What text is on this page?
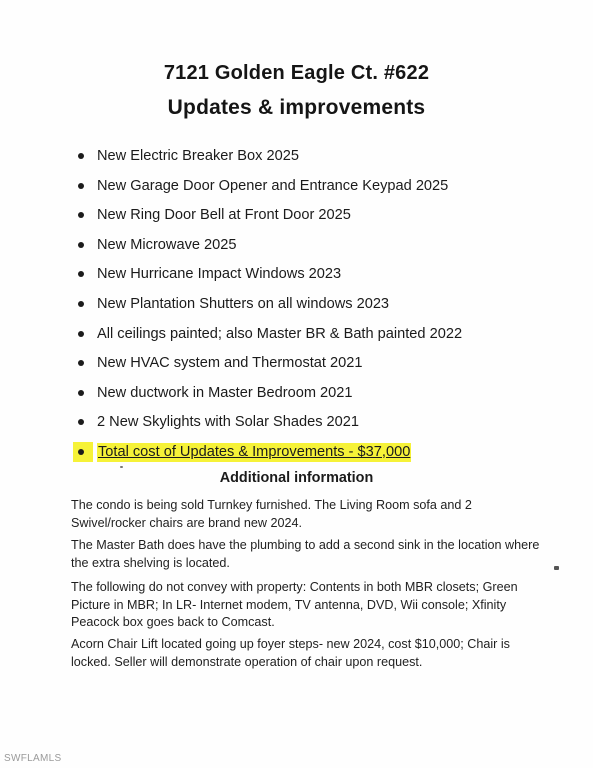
7121 Golden Eagle Ct. #622
Updates & improvements
New Electric Breaker Box 2025
New Garage Door Opener and Entrance Keypad 2025
New Ring Door Bell at Front Door 2025
New Microwave 2025
New Hurricane Impact Windows 2023
New Plantation Shutters on all windows 2023
All ceilings painted; also Master BR & Bath painted 2022
New HVAC system and Thermostat 2021
New ductwork in Master Bedroom 2021
2 New Skylights with Solar Shades 2021
Total cost of Updates & Improvements - $37,000
Additional information

The condo is being sold Turnkey furnished. The Living Room sofa and 2 Swivel/rocker chairs are brand new 2024.

The Master Bath does have the plumbing to add a second sink in the location where the extra shelving is located.

The following do not convey with property: Contents in both MBR closets; Green Picture in MBR; In LR- Internet modem, TV antenna, DVD, Wii console; Xfinity Peacock box goes back to Comcast.

Acorn Chair Lift located going up foyer steps- new 2024, cost $10,000; Chair is locked. Seller will demonstrate operation of chair upon request.

SWFLAMLS
